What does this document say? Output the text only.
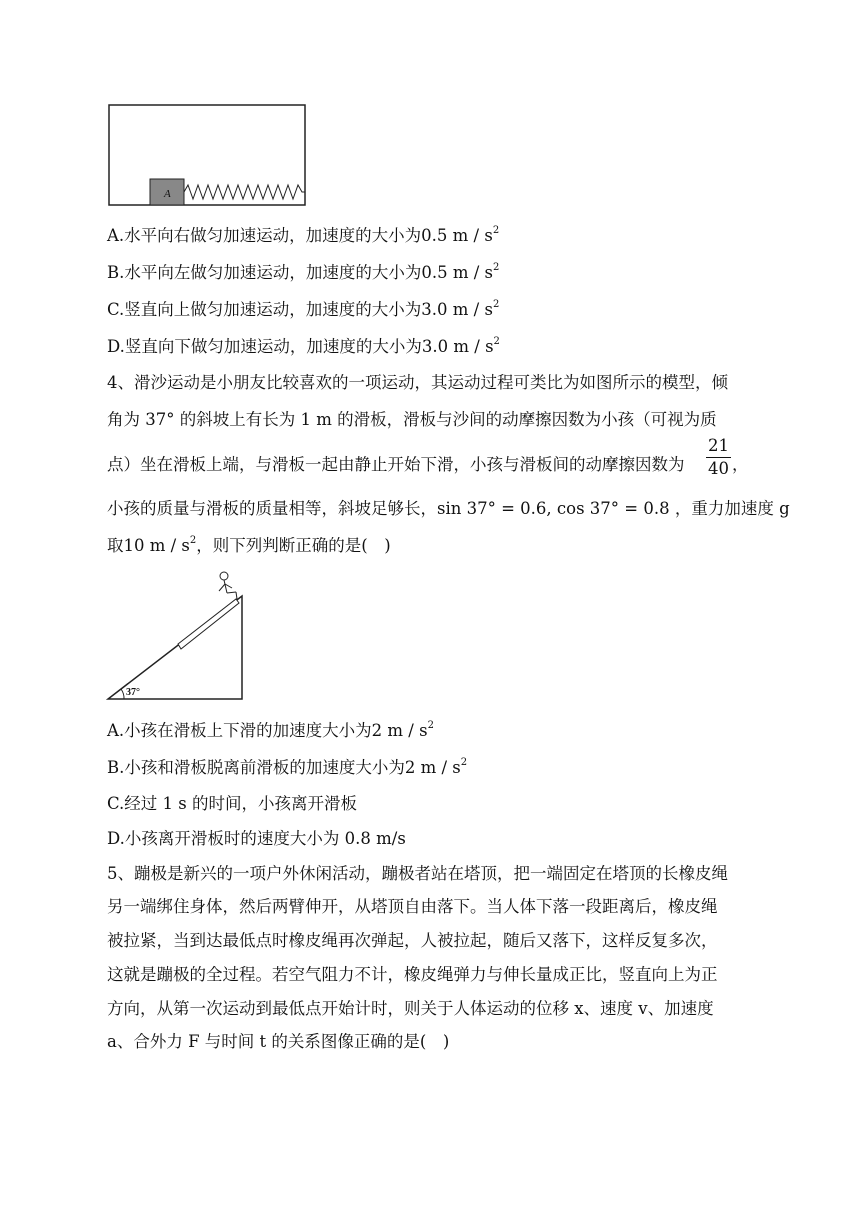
A
A.水平向右做匀加速运动，加速度的大小为0.5 m / $s^2$
B.水平向左做匀加速运动，加速度的大小为0.5 m / $s^2$
C.竖直向上做匀加速运动，加速度的大小为3.0 m / $s^2$
D.竖直向下做匀加速运动，加速度的大小为3.0 m / $s^2$
4、滑沙运动是小朋友比较喜欢的一项运动，其运动过程可类比为如图所示的模型，倾
角为 37° 的斜坡上有长为 1 m 的滑板，滑板与沙间的动摩擦因数为小孩（可视为质
点）坐在滑板上端，与滑板一起由静止开始下滑，小孩与滑板间的动摩擦因数为 $\frac{21}{40}$ ，
小孩的质量与滑板的质量相等，斜坡足够长，sin 37° = 0.6, cos 37° = 0.8 ，重力加速度 g
取10 m / $s^2$，则下列判断正确的是(　)
37°
A.小孩在滑板上下滑的加速度大小为2 m / $s^2$
B.小孩和滑板脱离前滑板的加速度大小为2 m / $s^2$
C.经过 1 s 的时间，小孩离开滑板
D.小孩离开滑板时的速度大小为 0.8 m/s
5、蹦极是新兴的一项户外休闲活动，蹦极者站在塔顶，把一端固定在塔顶的长橡皮绳
另一端绑住身体，然后两臂伸开，从塔顶自由落下。当人体下落一段距离后，橡皮绳
被拉紧，当到达最低点时橡皮绳再次弹起，人被拉起，随后又落下，这样反复多次，
这就是蹦极的全过程。若空气阻力不计，橡皮绳弹力与伸长量成正比，竖直向上为正
方向，从第一次运动到最低点开始计时，则关于人体运动的位移 x、速度 v、加速度
a、合外力 F 与时间 t 的关系图像正确的是(　)
